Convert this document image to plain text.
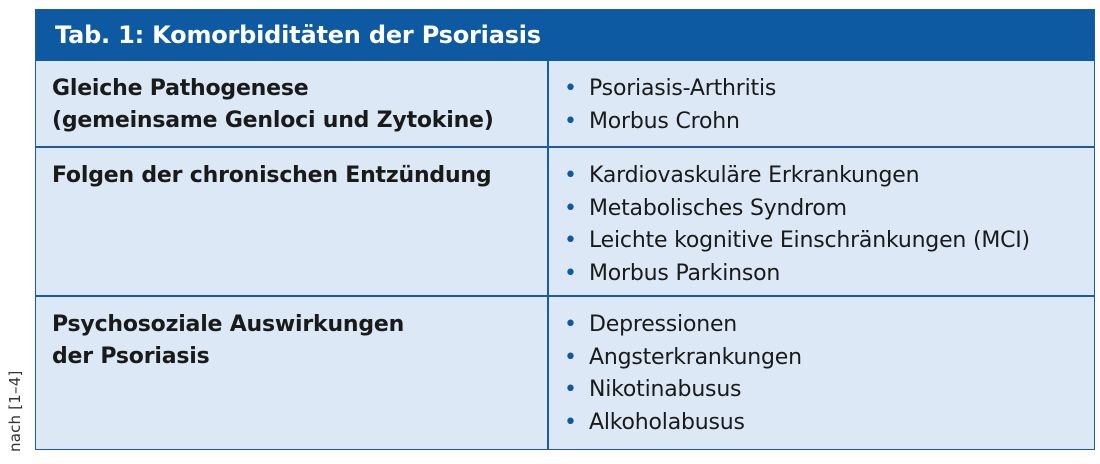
nach [1–4]
Tab. 1: Komorbiditäten der Psoriasis
Gleiche Pathogenese
(gemeinsame Genloci und Zytokine)
• Psoriasis-Arthritis
• Morbus Crohn
Folgen der chronischen Entzündung	• Kardiovaskuläre Erkrankungen
• Metabolisches Syndrom
• Leichte kognitive Einschränkungen (MCI)
• Morbus Parkinson
Psychosoziale Auswirkungen
der Psoriasis
• Depressionen
• Angsterkrankungen
• Nikotinabusus
• Alkoholabusus
